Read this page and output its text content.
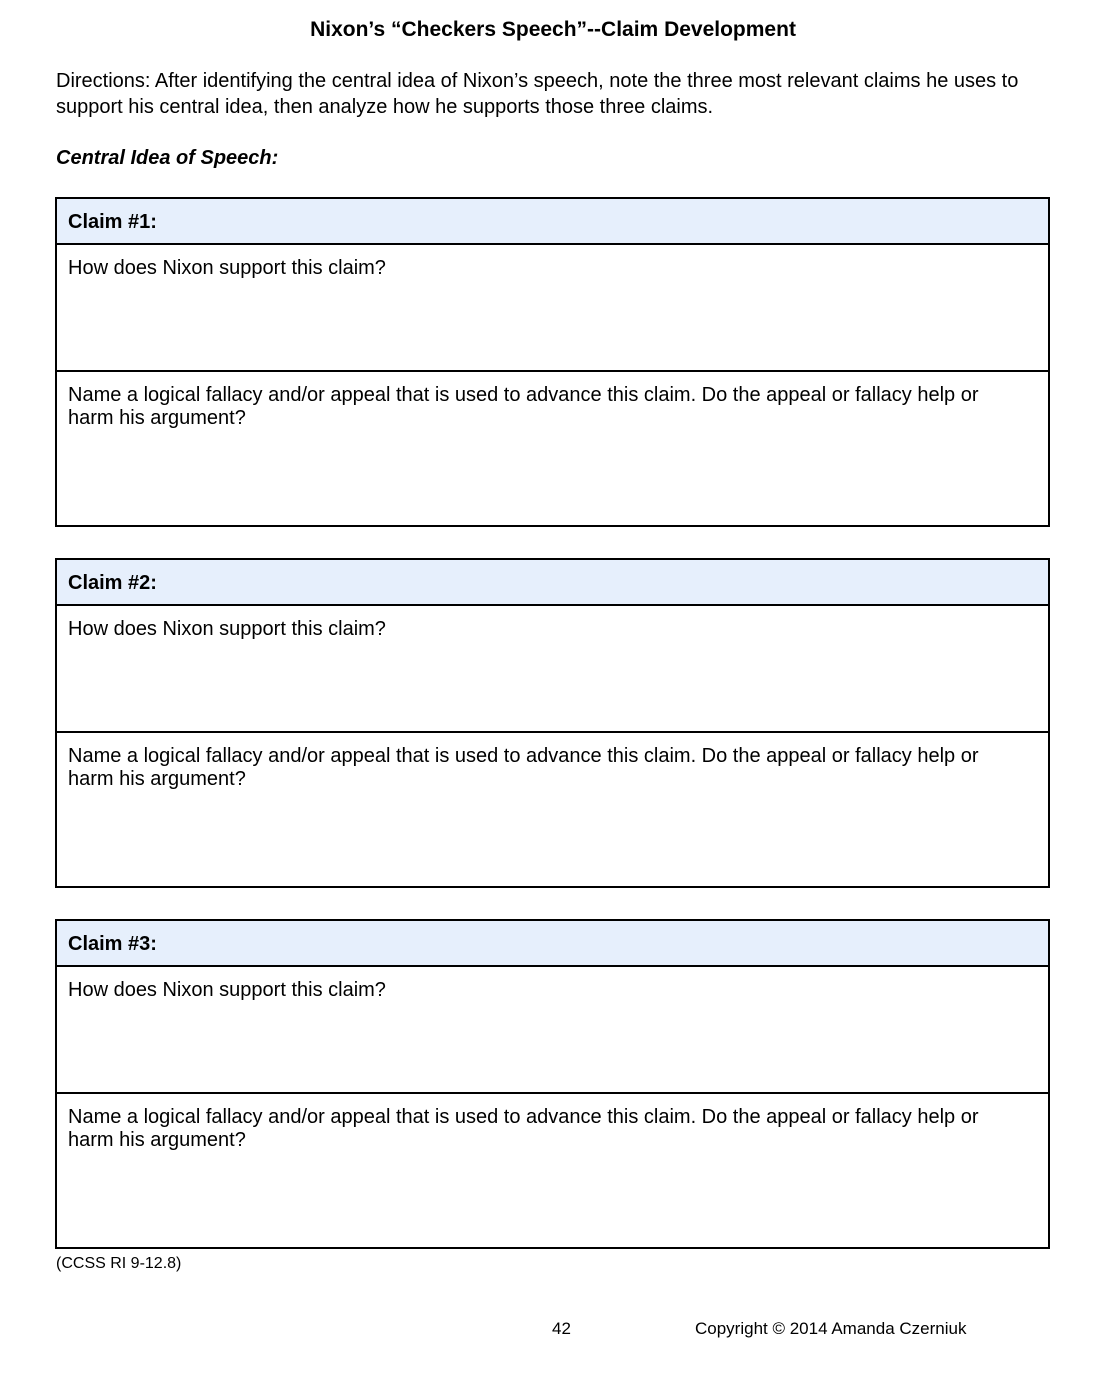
Nixon’s “Checkers Speech”--Claim Development
Directions: After identifying the central idea of Nixon’s speech, note the three most relevant claims he uses to support his central idea, then analyze how he supports those three claims.
Central Idea of Speech:
Claim #1:
How does Nixon support this claim?
Name a logical fallacy and/or appeal that is used to advance this claim. Do the appeal or fallacy help or harm his argument?
Claim #2:
How does Nixon support this claim?
Name a logical fallacy and/or appeal that is used to advance this claim. Do the appeal or fallacy help or harm his argument?
Claim #3:
How does Nixon support this claim?
Name a logical fallacy and/or appeal that is used to advance this claim. Do the appeal or fallacy help or harm his argument?
(CCSS RI 9-12.8)
42	Copyright © 2014 Amanda Czerniuk
